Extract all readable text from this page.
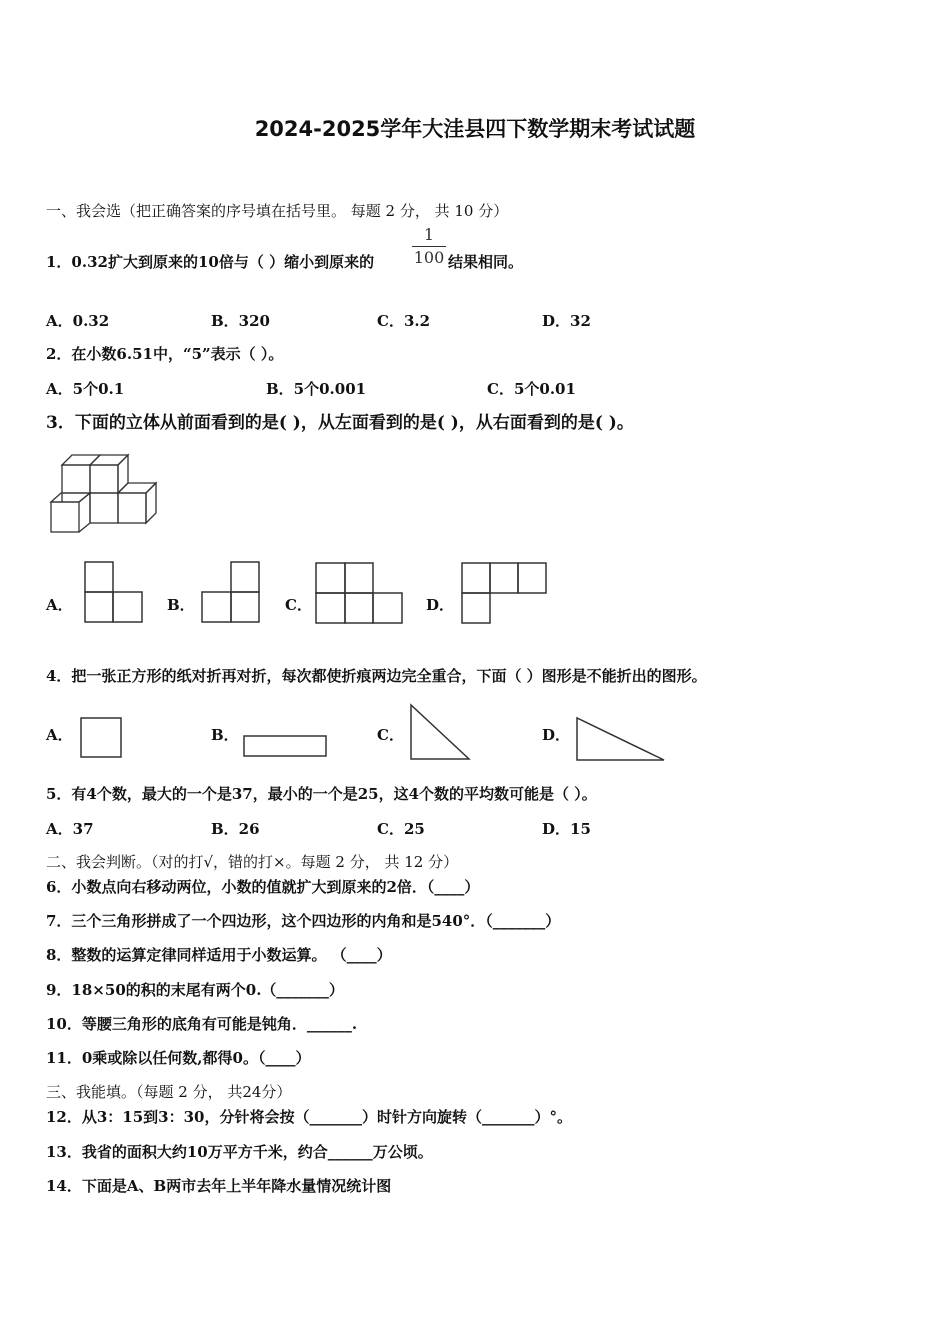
2024-2025学年大洼县四下数学期末考试试题
一、我会选（把正确答案的序号填在括号里。 每题 2 分， 共 10 分）
1．0.32扩大到原来的10倍与（ ）缩小到原来的
1
100 结果相同。
A．0.32	B．320	C．3.2	D．32
2．在小数6.51中，“5”表示（ ）。
A．5个0.1	B．5个0.001	C．5个0.01
3．下面的立体从前面看到的是( )，从左面看到的是( )，从右面看到的是( )。
A．	B．	C．	D．
4．把一张正方形的纸对折再对折，每次都使折痕两边完全重合，下面（ ）图形是不能折出的图形。
A．	B．	C．	D．
5．有4个数，最大的一个是37，最小的一个是25，这4个数的平均数可能是（ ）。
A．37	B．26	C．25	D．15
二、我会判断。（对的打√，错的打×。每题 2 分， 共 12 分）
6．小数点向右移动两位，小数的值就扩大到原来的2倍．（____）
7．三个三角形拼成了一个四边形，这个四边形的内角和是540°．（_______）
8．整数的运算定律同样适用于小数运算。 （____）
9．18×50的积的末尾有两个0.（_______）
10．等腰三角形的底角有可能是钝角．______.
11．0乘或除以任何数,都得0。（____）
三、我能填。（每题 2 分， 共24分）
12．从3：15到3：30，分针将会按（_______）时针方向旋转（_______）°。
13．我省的面积大约10万平方千米，约合______万公顷。
14．下面是A、B两市去年上半年降水量情况统计图
